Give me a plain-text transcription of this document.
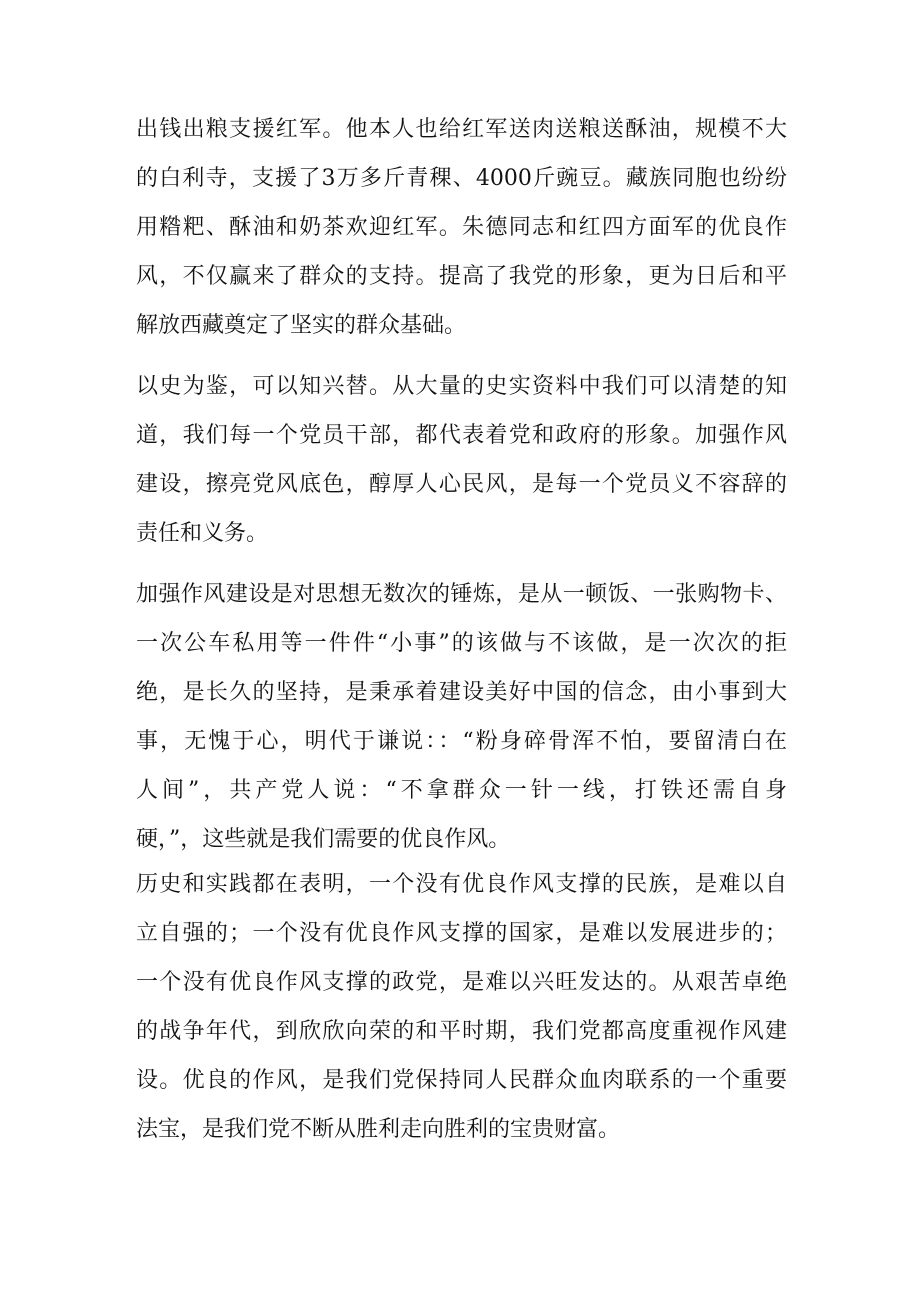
出钱出粮支援红军。他本人也给红军送肉送粮送酥油，规模不大
的白利寺，支援了3万多斤青稞、4000斤豌豆。藏族同胞也纷纷
用糌粑、酥油和奶茶欢迎红军。朱德同志和红四方面军的优良作
风，不仅赢来了群众的支持。提高了我党的形象，更为日后和平
解放西藏奠定了坚实的群众基础。
以史为鉴，可以知兴替。从大量的史实资料中我们可以清楚的知
道，我们每一个党员干部，都代表着党和政府的形象。加强作风
建设，擦亮党风底色，醇厚人心民风，是每一个党员义不容辞的
责任和义务。
加强作风建设是对思想无数次的锤炼，是从一顿饭、一张购物卡、
一次公车私用等一件件“小事”的该做与不该做，是一次次的拒
绝，是长久的坚持，是秉承着建设美好中国的信念，由小事到大
事，无愧于心，明代于谦说：：“粉身碎骨浑不怕，要留清白在
人间”，共产党人说：“不拿群众一针一线，打铁还需自身
硬，”，这些就是我们需要的优良作风。
历史和实践都在表明，一个没有优良作风支撑的民族，是难以自
立自强的；一个没有优良作风支撑的国家，是难以发展进步的；
一个没有优良作风支撑的政党，是难以兴旺发达的。从艰苦卓绝
的战争年代，到欣欣向荣的和平时期，我们党都高度重视作风建
设。优良的作风，是我们党保持同人民群众血肉联系的一个重要
法宝，是我们党不断从胜利走向胜利的宝贵财富。
